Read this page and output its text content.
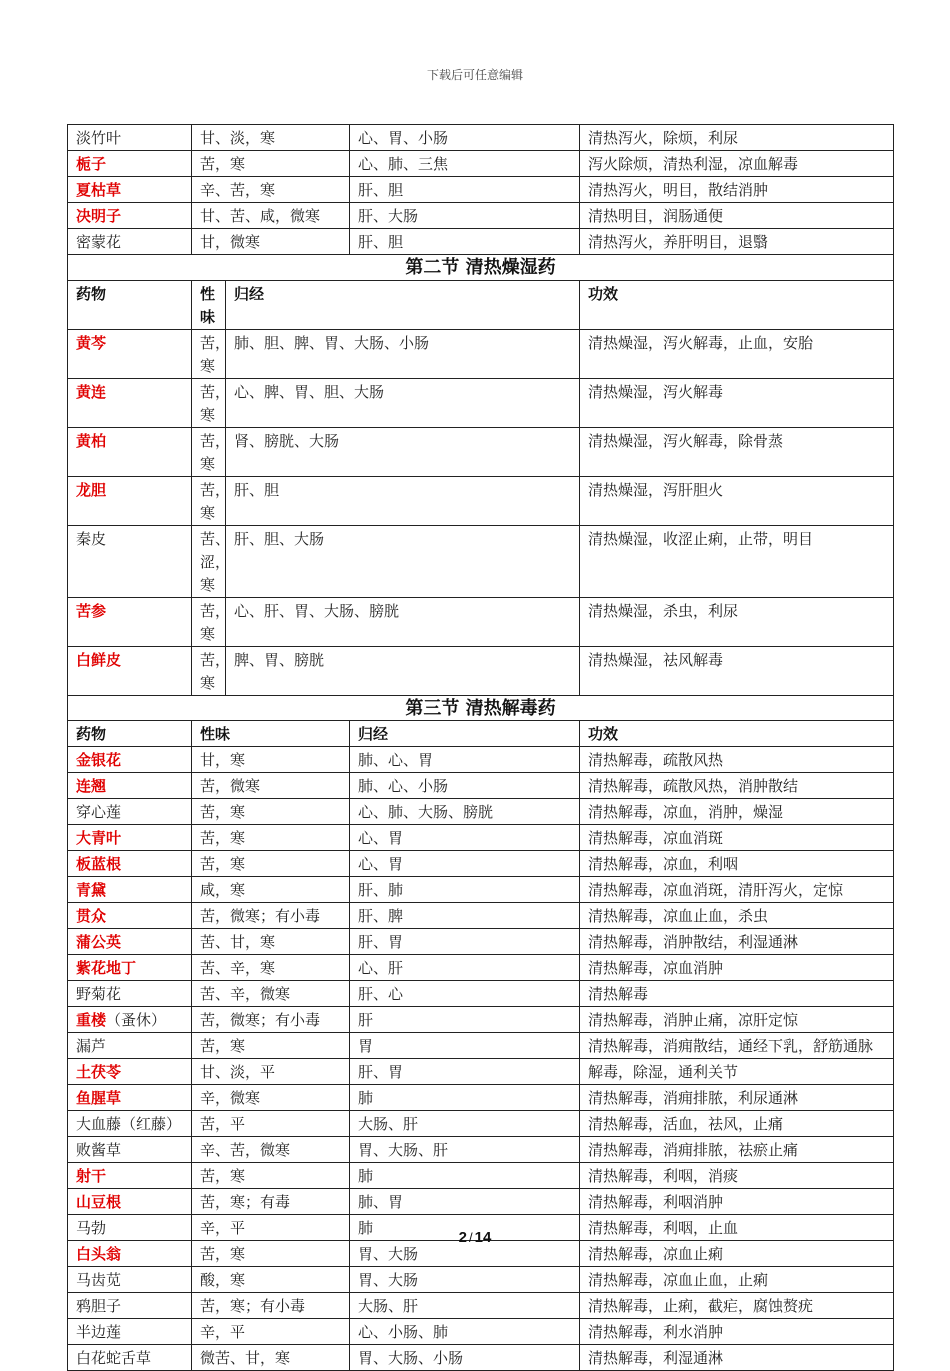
下载后可任意编辑
淡竹叶	甘、淡，寒		心、胃、小肠	清热泻火，除烦，利尿
栀子	苦，寒		心、肺、三焦	泻火除烦，清热利湿，凉血解毒
夏枯草	辛、苦，寒		肝、胆	清热泻火，明目，散结消肿
决明子	甘、苦、咸，微寒		肝、大肠	清热明目，润肠通便
密蒙花	甘，微寒		肝、胆	清热泻火，养肝明目，退翳
第二节 清热燥湿药				
药物	性味	归经		功效
黄芩	苦，寒	肺、胆、脾、胃、大肠、小肠		清热燥湿，泻火解毒，止血，安胎
黄连	苦，寒	心、脾、胃、胆、大肠		清热燥湿，泻火解毒
黄柏	苦，寒	肾、膀胱、大肠		清热燥湿，泻火解毒，除骨蒸
龙胆	苦，寒	肝、胆		清热燥湿，泻肝胆火
秦皮	苦、涩，寒	肝、胆、大肠		清热燥湿，收涩止痢，止带，明目
苦参	苦，寒	心、肝、胃、大肠、膀胱		清热燥湿，杀虫，利尿
白鲜皮	苦，寒	脾、胃、膀胱		清热燥湿，祛风解毒
第三节 清热解毒药				
药物	性味		归经	功效
金银花	甘，寒		肺、心、胃	清热解毒，疏散风热
连翘	苦，微寒		肺、心、小肠	清热解毒，疏散风热，消肿散结
穿心莲	苦，寒		心、肺、大肠、膀胱	清热解毒，凉血，消肿，燥湿
大青叶	苦，寒		心、胃	清热解毒，凉血消斑
板蓝根	苦，寒		心、胃	清热解毒，凉血，利咽
青黛	咸，寒		肝、肺	清热解毒，凉血消斑，清肝泻火，定惊
贯众	苦，微寒；有小毒		肝、脾	清热解毒，凉血止血，杀虫
蒲公英	苦、甘，寒		肝、胃	清热解毒，消肿散结，利湿通淋
紫花地丁	苦、辛，寒		心、肝	清热解毒，凉血消肿
野菊花	苦、辛，微寒		肝、心	清热解毒
重楼（蚤休）	苦，微寒；有小毒		肝	清热解毒，消肿止痛，凉肝定惊
漏芦	苦，寒		胃	清热解毒，消痈散结，通经下乳，舒筋通脉
土茯苓	甘、淡，平		肝、胃	解毒，除湿，通利关节
鱼腥草	辛，微寒		肺	清热解毒，消痈排脓，利尿通淋
大血藤（红藤）	苦，平		大肠、肝	清热解毒，活血，祛风，止痛
败酱草	辛、苦，微寒		胃、大肠、肝	清热解毒，消痈排脓，祛瘀止痛
射干	苦，寒		肺	清热解毒，利咽，消痰
山豆根	苦，寒；有毒		肺、胃	清热解毒，利咽消肿
马勃	辛，平		肺	清热解毒，利咽，止血
白头翁	苦，寒		胃、大肠	清热解毒，凉血止痢
马齿苋	酸，寒		胃、大肠	清热解毒，凉血止血，止痢
鸦胆子	苦，寒；有小毒		大肠、肝	清热解毒，止痢，截疟，腐蚀赘疣
半边莲	辛，平		心、小肠、肺	清热解毒，利水消肿
白花蛇舌草	微苦、甘，寒		胃、大肠、小肠	清热解毒，利湿通淋
2 / 14
